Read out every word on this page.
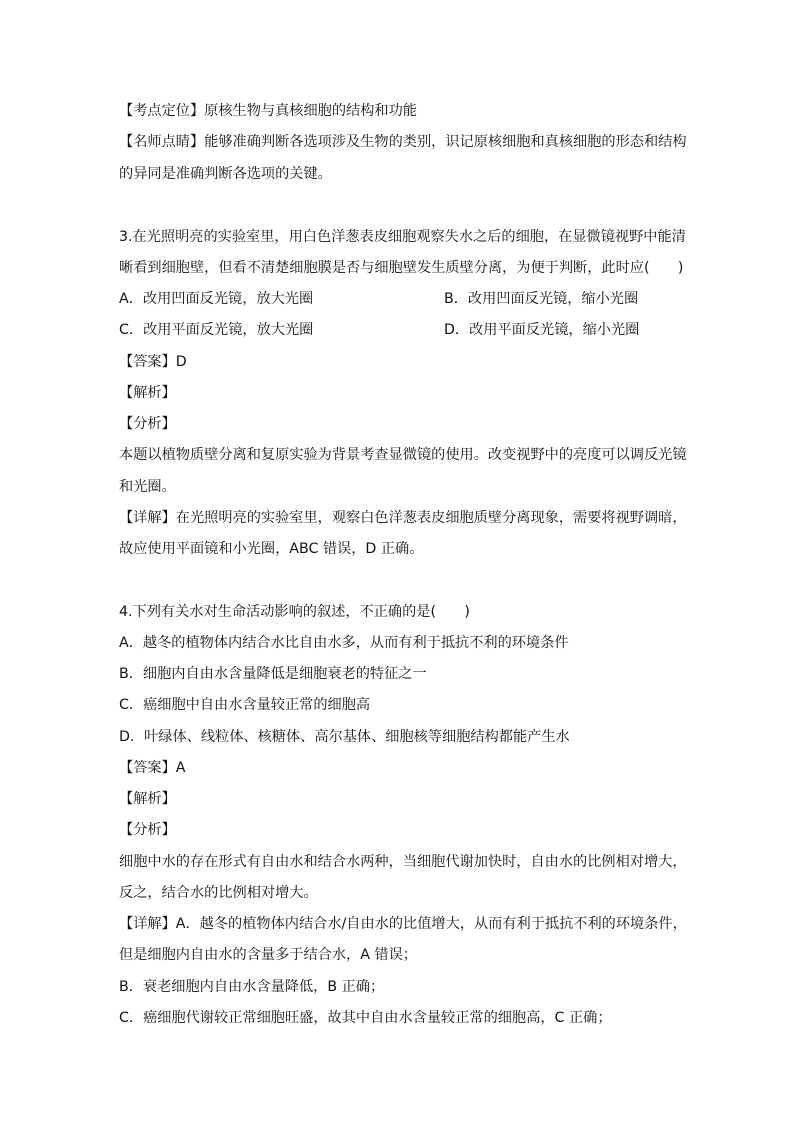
【考点定位】原核生物与真核细胞的结构和功能
【名师点睛】能够准确判断各选项涉及生物的类别，识记原核细胞和真核细胞的形态和结构
的异同是准确判断各选项的关键。
3.在光照明亮的实验室里，用白色洋葱表皮细胞观察失水之后的细胞，在显微镜视野中能清
晰看到细胞壁，但看不清楚细胞膜是否与细胞壁发生质壁分离，为便于判断，此时应(　　)
A．改用凹面反光镜，放大光圈	B．改用凹面反光镜，缩小光圈
C．改用平面反光镜，放大光圈	D．改用平面反光镜，缩小光圈
【答案】D
【解析】
【分析】
本题以植物质壁分离和复原实验为背景考查显微镜的使用。改变视野中的亮度可以调反光镜
和光圈。
【详解】在光照明亮的实验室里，观察白色洋葱表皮细胞质壁分离现象，需要将视野调暗，
故应使用平面镜和小光圈，ABC 错误，D 正确。
4.下列有关水对生命活动影响的叙述，不正确的是(　　)
A．越冬的植物体内结合水比自由水多，从而有利于抵抗不利的环境条件
B．细胞内自由水含量降低是细胞衰老的特征之一
C．癌细胞中自由水含量较正常的细胞高
D．叶绿体、线粒体、核糖体、高尔基体、细胞核等细胞结构都能产生水
【答案】A
【解析】
【分析】
细胞中水的存在形式有自由水和结合水两种，当细胞代谢加快时，自由水的比例相对增大，
反之，结合水的比例相对增大。
【详解】A．越冬的植物体内结合水/自由水的比值增大，从而有利于抵抗不利的环境条件，
但是细胞内自由水的含量多于结合水，A 错误；
B．衰老细胞内自由水含量降低，B 正确；
C．癌细胞代谢较正常细胞旺盛，故其中自由水含量较正常的细胞高，C 正确；
